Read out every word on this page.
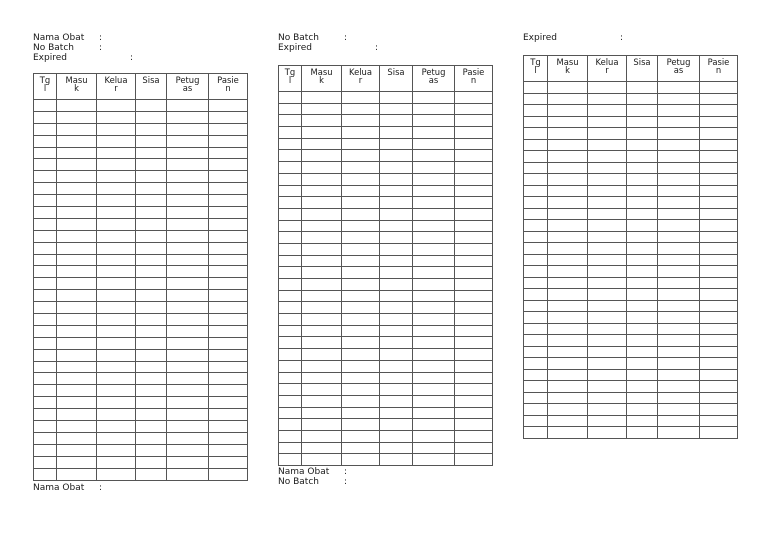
Nama Obat :
No Batch	:
Expired	:
Tg
l	Masu
k	Kelua
r	Sisa	Petug
as	Pasie
n

Nama Obat :
No Batch	:
Expired	:
Tg
l	Masu
k	Kelua
r	Sisa	Petug
as	Pasie
n

Nama Obat :
No Batch	:
Expired	:
Tg
l	Masu
k	Kelua
r	Sisa	Petug
as	Pasie
n
